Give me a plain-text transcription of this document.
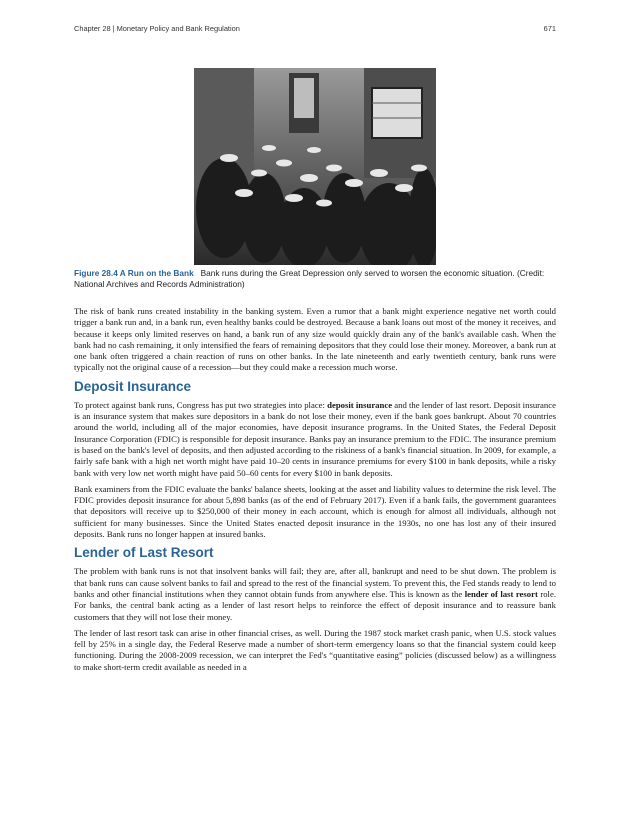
Chapter 28 | Monetary Policy and Bank Regulation	671
Figure 28.4 A Run on the Bank Bank runs during the Great Depression only served to worsen the economic situation. (Credit: National Archives and Records Administration)

The risk of bank runs created instability in the banking system. Even a rumor that a bank might experience negative net worth could trigger a bank run and, in a bank run, even healthy banks could be destroyed. Because a bank loans out most of the money it receives, and because it keeps only limited reserves on hand, a bank run of any size would quickly drain any of the bank's available cash. When the bank had no cash remaining, it only intensified the fears of remaining depositors that they could lose their money. Moreover, a bank run at one bank often triggered a chain reaction of runs on other banks. In the late nineteenth and early twentieth century, bank runs were typically not the original cause of a recession—but they could make a recession much worse.

Deposit Insurance

To protect against bank runs, Congress has put two strategies into place: deposit insurance and the lender of last resort. Deposit insurance is an insurance system that makes sure depositors in a bank do not lose their money, even if the bank goes bankrupt. About 70 countries around the world, including all of the major economies, have deposit insurance programs. In the United States, the Federal Deposit Insurance Corporation (FDIC) is responsible for deposit insurance. Banks pay an insurance premium to the FDIC. The insurance premium is based on the bank's level of deposits, and then adjusted according to the riskiness of a bank's financial situation. In 2009, for example, a fairly safe bank with a high net worth might have paid 10–20 cents in insurance premiums for every $100 in bank deposits, while a risky bank with very low net worth might have paid 50–60 cents for every $100 in bank deposits.

Bank examiners from the FDIC evaluate the banks' balance sheets, looking at the asset and liability values to determine the risk level. The FDIC provides deposit insurance for about 5,898 banks (as of the end of February 2017). Even if a bank fails, the government guarantees that depositors will receive up to $250,000 of their money in each account, which is enough for almost all individuals, although not sufficient for many businesses. Since the United States enacted deposit insurance in the 1930s, no one has lost any of their insured deposits. Bank runs no longer happen at insured banks.

Lender of Last Resort

The problem with bank runs is not that insolvent banks will fail; they are, after all, bankrupt and need to be shut down. The problem is that bank runs can cause solvent banks to fail and spread to the rest of the financial system. To prevent this, the Fed stands ready to lend to banks and other financial institutions when they cannot obtain funds from anywhere else. This is known as the lender of last resort role. For banks, the central bank acting as a lender of last resort helps to reinforce the effect of deposit insurance and to reassure bank customers that they will not lose their money.

The lender of last resort task can arise in other financial crises, as well. During the 1987 stock market crash panic, when U.S. stock values fell by 25% in a single day, the Federal Reserve made a number of short-term emergency loans so that the financial system could keep functioning. During the 2008-2009 recession, we can interpret the Fed's “quantitative easing” policies (discussed below) as a willingness to make short-term credit available as needed in a
